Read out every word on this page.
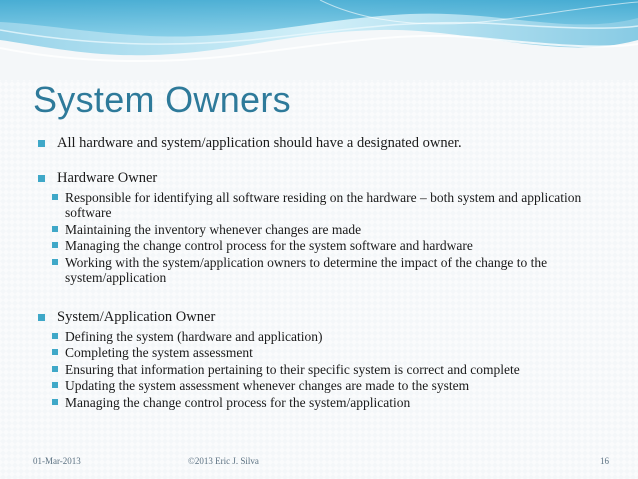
System Owners
All hardware and system/application should have a designated owner.
Hardware Owner
Responsible for identifying all software residing on the hardware – both system and application software
Maintaining the inventory whenever changes are made
Managing the change control process for the system software and hardware
Working with the system/application owners to determine the impact of the change to the system/application
System/Application Owner
Defining the system (hardware and application)
Completing the system assessment
Ensuring that information pertaining to their specific system is correct and complete
Updating the system assessment whenever changes are made to the system
Managing the change control process for the system/application
01-Mar-2013	©2013 Eric J. Silva	16
